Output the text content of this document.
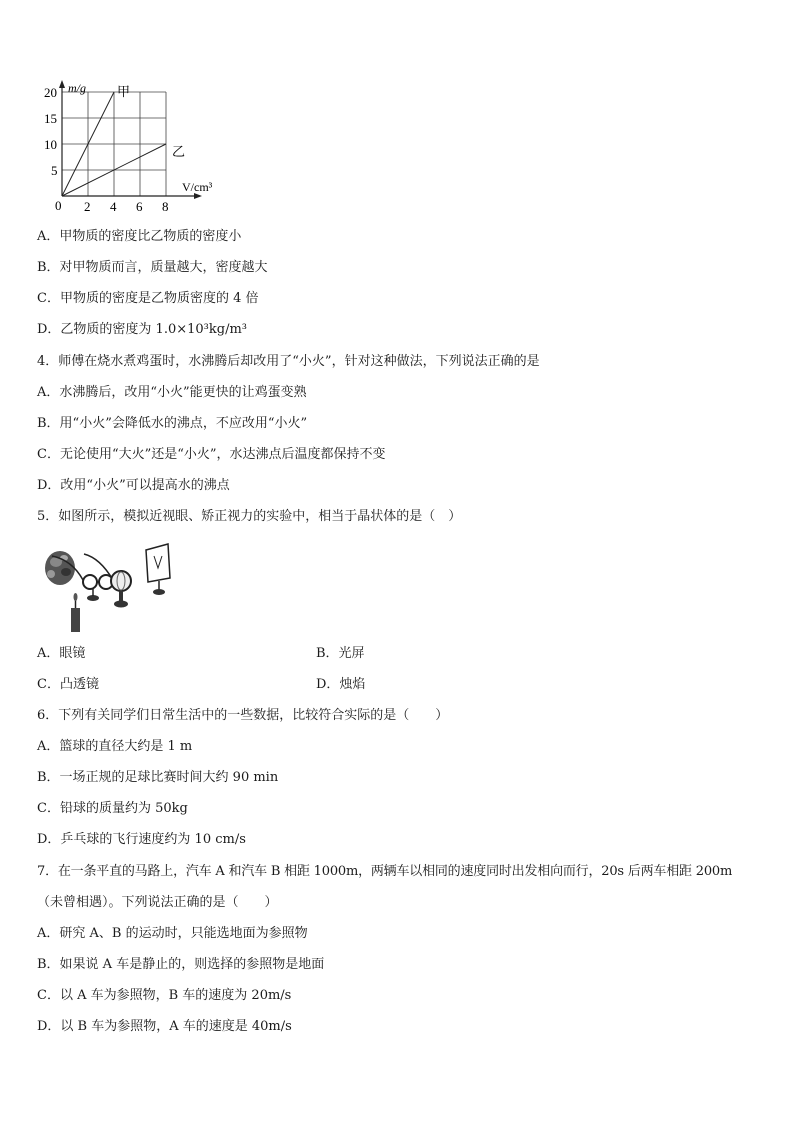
m/g
V/cm³
0 2 4 6 8
5
10
15
20	甲
乙
A．甲物质的密度比乙物质的密度小
B．对甲物质而言，质量越大，密度越大
C．甲物质的密度是乙物质密度的 4 倍
D．乙物质的密度为 1.0×10³kg/m³
4．师傅在烧水煮鸡蛋时，水沸腾后却改用了“小火”，针对这种做法，下列说法正确的是
A．水沸腾后，改用“小火”能更快的让鸡蛋变熟
B．用“小火”会降低水的沸点，不应改用“小火”
C．无论使用“大火”还是“小火”，水达沸点后温度都保持不变
D．改用“小火”可以提高水的沸点
5．如图所示，模拟近视眼、矫正视力的实验中，相当于晶状体的是（　）
A．眼镜	B．光屏
C．凸透镜	D．烛焰
6．下列有关同学们日常生活中的一些数据，比较符合实际的是（　　）
A．篮球的直径大约是 1 m
B．一场正规的足球比赛时间大约 90 min
C．铅球的质量约为 50kg
D．乒乓球的飞行速度约为 10 cm/s
7．在一条平直的马路上，汽车 A 和汽车 B 相距 1000m，两辆车以相同的速度同时出发相向而行，20s 后两车相距 200m
（未曾相遇）。下列说法正确的是（　　）
A．研究 A、B 的运动时，只能选地面为参照物
B．如果说 A 车是静止的，则选择的参照物是地面
C．以 A 车为参照物，B 车的速度为 20m/s
D．以 B 车为参照物，A 车的速度是 40m/s
